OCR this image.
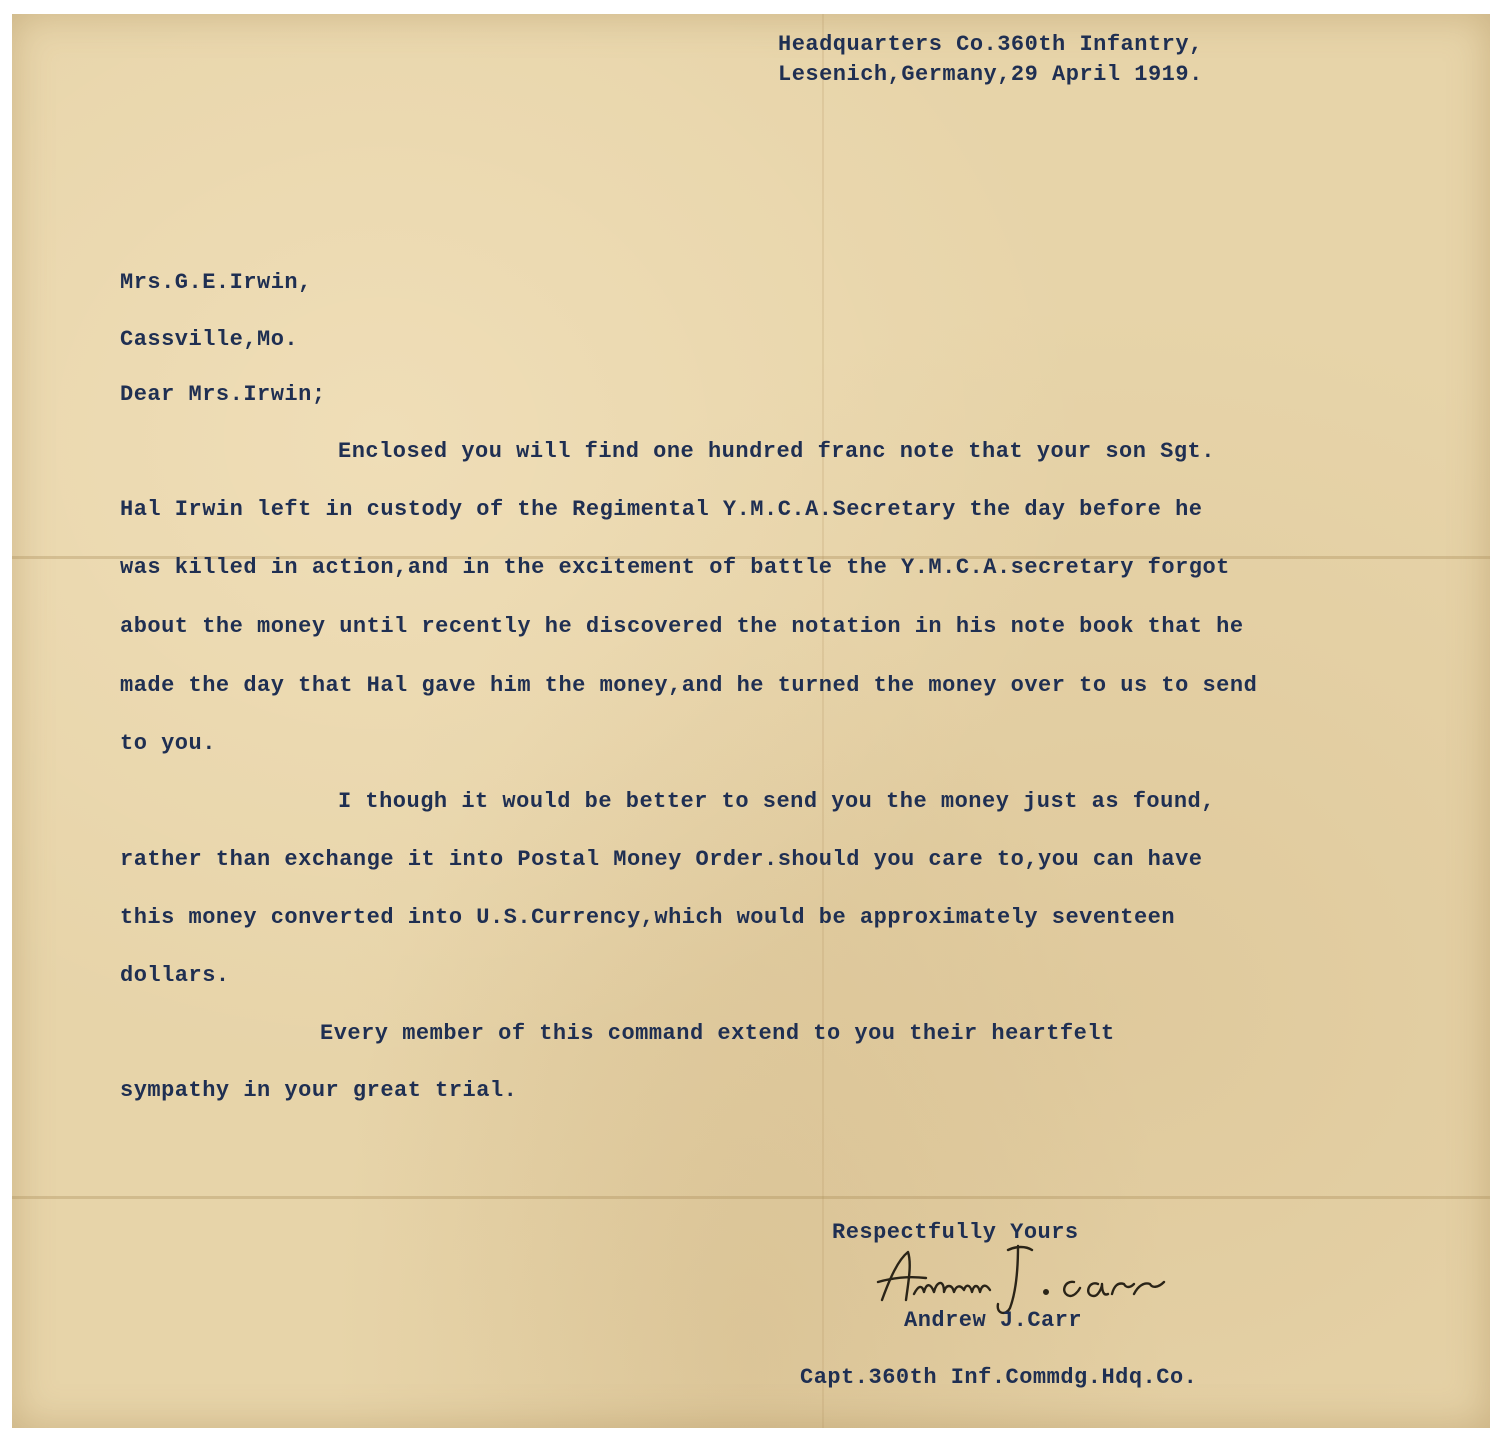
Headquarters Co.360th Infantry,
Lesenich,Germany,29 April 1919.
Mrs.G.E.Irwin,
Cassville,Mo.
Dear Mrs.Irwin;
Enclosed you will find one hundred franc note that your son Sgt.
Hal Irwin left in custody of the Regimental Y.M.C.A.Secretary the day before he
was killed in action,and in the excitement of battle the Y.M.C.A.secretary forgot
about the money until recently he discovered the notation in his note book that he
made the day that Hal gave him the money,and he turned the money over to us to send
to you.
I though it would be better to send you the money just as found,
rather than exchange it into Postal Money Order.should you care to,you can have
this money converted into U.S.Currency,which would be approximately seventeen
dollars.
Every member of this command extend to you their heartfelt
sympathy in your great trial.
Respectfully Yours
Andrew J.Carr
Capt.360th Inf.Commdg.Hdq.Co.
